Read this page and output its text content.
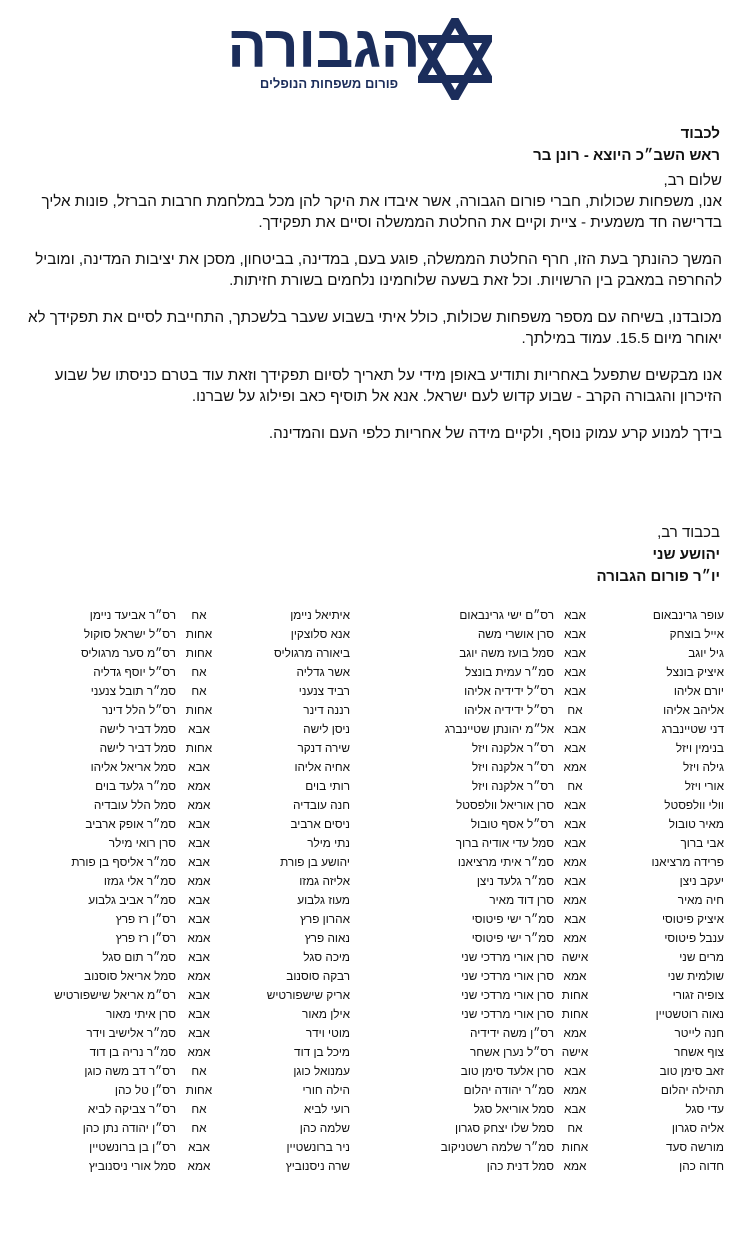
הגבורה
פורום משפחות הנופלים
לכבוד
ראש השב״כ היוצא - רונן בר

שלום רב,

אנו, משפחות שכולות, חברי פורום הגבורה, אשר איבדו את היקר להן מכל במלחמת חרבות הברזל, פונות אליך בדרישה חד משמעית - ציית וקיים את החלטת הממשלה וסיים את תפקידך.

המשך כהונתך בעת הזו, חרף החלטת הממשלה, פוגע בעם, במדינה, בביטחון, מסכן את יציבות המדינה, ומוביל להחרפה במאבק בין הרשויות. וכל זאת בשעה שלוחמינו נלחמים בשורת חזיתות.

מכובדנו, בשיחה עם מספר משפחות שכולות, כולל איתי בשבוע שעבר בלשכתך, התחייבת לסיים את תפקידך לא יאוחר מיום 15.5. עמוד במילתך.

אנו מבקשים שתפעל באחריות ותודיע באופן מידי על תאריך לסיום תפקידך וזאת עוד בטרם כניסתו של שבוע הזיכרון והגבורה הקרב - שבוע קדוש לעם ישראל. אנא אל תוסיף כאב ופילוג על שברנו.

בידך למנוע קרע עמוק נוסף, ולקיים מידה של אחריות כלפי העם והמדינה.

בכבוד רב,
יהושע שני
יו״ר פורום הגבורה
עופר גרינבאום	אבא	רס״ם ישי גרינבאום
אייל בוצחק	אבא	סרן אושרי משה
גיל יוגב	אבא	סמל בועז משה יוגב
איציק בונצל	אבא	סמ״ר עמית בונצל
יורם אליהו	אבא	רס״ל ידידיה אליהו
אליהב אליהו	אח	רס״ל ידידיה אליהו
דני שטיינברג	אבא	אל״מ יהונתן שטיינברג
בנימין ויזל	אבא	רס״ר אלקנה ויזל
גילה ויזל	אמא	רס״ר אלקנה ויזל
אורי ויזל	אח	רס״ר אלקנה ויזל
וולי וולפסטל	אבא	סרן אוריאל וולפסטל
מאיר טובול	אבא	רס״ל אסף טובול
אבי ברוך	אבא	סמל עדי אודיה ברוך
פרידה מרציאנו	אמא	סמ״ר איתי מרציאנו
יעקב ניצן	אבא	סמ״ר גלעד ניצן
חיה מאיר	אמא	סרן דוד מאיר
איציק פיטוסי	אבא	סמ״ר ישי פיטוסי
ענבל פיטוסי	אמא	סמ״ר ישי פיטוסי
מרים שני	אישה	סרן אורי מרדכי שני
שולמית שני	אמא	סרן אורי מרדכי שני
צופיה זגורי	אחות	סרן אורי מרדכי שני
נאוה רוטשטיין	אחות	סרן אורי מרדכי שני
חנה לייטר	אמא	רס״ן משה ידידיה
צוף אשחר	אישה	רס״ל נערן אשחר
זאב סימן טוב	אבא	סרן אלעד סימן טוב
תהילה יהלום	אמא	סמ״ר יהודה יהלום
עדי סגל	אבא	סמל אוריאל סגל
אליה סגרון	אח	סמל שלו יצחק סגרון
מורשה סעד	אחות	סמ״ר שלמה רשטניקוב
חדוה כהן	אמא	סמל דנית כהן
איתיאל ניימן	אח	רס״ר אביעד ניימן
אנא סלוצקין	אחות	רס״ל ישראל סוקול
ביאורה מרגוליס	אחות	רס״מ סער מרגוליס
אשר גדליה	אח	רס״ל יוסף גדליה
רביד צנעני	אח	סמ״ר תובל צנעני
רננה דינר	אחות	רס״ל הלל דינר
ניסן לישה	אבא	סמל דביר לישה
שירה דנקר	אחות	סמל דביר לישה
אחיה אליהו	אבא	סמל אריאל אליהו
רותי בוים	אמא	סמ״ר גלעד בוים
חנה עובדיה	אמא	סמל הלל עובדיה
ניסים ארביב	אבא	סמ״ר אופק ארביב
נתי מילר	אבא	סרן רואי מילר
יהושע בן פורת	אבא	סמ״ר אליסף בן פורת
אליזה גמזו	אמא	סמ״ר אלי גמזו
מעוז גלבוע	אבא	סמ״ר אביב גלבוע
אהרון פרץ	אבא	רס״ן רז פרץ
נאוה פרץ	אמא	רס״ן רז פרץ
מיכה סגל	אבא	סמ״ר תום סגל
רבקה סוסנוב	אמא	סמל אריאל סוסנוב
אריק שישפורטיש	אבא	רס״מ אריאל שישפורטיש
אילן מאור	אבא	סרן איתי מאור
מוטי וידר	אבא	סמ״ר אלישיב וידר
מיכל בן דוד	אמא	סמ״ר נריה בן דוד
עמנואל כוגן	אח	רס״ר דב משה כוגן
הילה חורי	אחות	רס״ן טל כהן
רועי לביא	אח	רס״ר צביקה לביא
שלמה כהן	אח	רס״ן יהודה נתן כהן
ניר ברונשטיין	אבא	רס״ן בן ברונשטיין
שרה ניסנוביץ	אמא	סמל אורי ניסנוביץ
